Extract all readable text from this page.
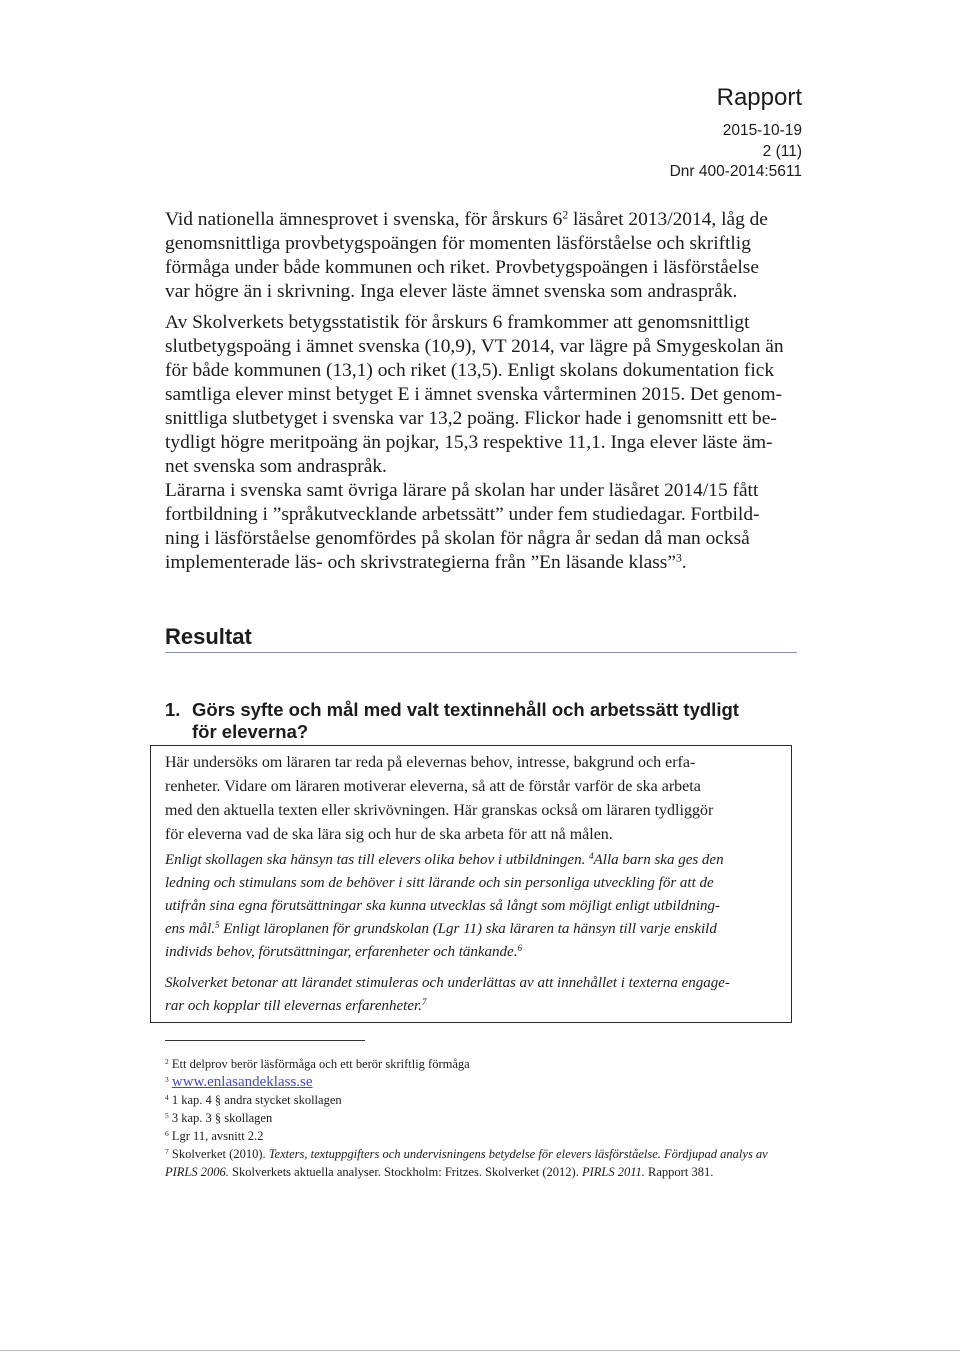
Rapport
2015-10-19
2 (11)
Dnr 400-2014:5611
Vid nationella ämnesprovet i svenska, för årskurs $6^2$ läsåret 2013/2014, låg de
genomsnittliga provbetygspoängen för momenten läsförståelse och skriftlig
förmåga under både kommunen och riket. Provbetygspoängen i läsförståelse
var högre än i skrivning. Inga elever läste ämnet svenska som andraspråk.
Av Skolverkets betygsstatistik för årskurs 6 framkommer att genomsnittligt
slutbetygspoäng i ämnet svenska (10,9), VT 2014, var lägre på Smygeskolan än
för både kommunen (13,1) och riket (13,5). Enligt skolans dokumentation fick
samtliga elever minst betyget E i ämnet svenska vårterminen 2015. Det genom-
snittliga slutbetyget i svenska var 13,2 poäng. Flickor hade i genomsnitt ett be-
tydligt högre meritpoäng än pojkar, 15,3 respektive 11,1. Inga elever läste äm-
net svenska som andraspråk.
Lärarna i svenska samt övriga lärare på skolan har under läsåret 2014/15 fått
fortbildning i ”språkutvecklande arbetssätt” under fem studiedagar. Fortbild-
ning i läsförståelse genomfördes på skolan för några år sedan då man också
implementerade läs- och skrivstrategierna från ”En läsande klass”$^3$.
Resultat
1. Görs syfte och mål med valt textinnehåll och arbetssätt tydligt
för eleverna?
Här undersöks om läraren tar reda på elevernas behov, intresse, bakgrund och erfa-
renheter. Vidare om läraren motiverar eleverna, så att de förstår varför de ska arbeta
med den aktuella texten eller skrivövningen. Här granskas också om läraren tydliggör
för eleverna vad de ska lära sig och hur de ska arbeta för att nå målen.
Enligt skollagen ska hänsyn tas till elevers olika behov i utbildningen. $^4$Alla barn ska ges den
ledning och stimulans som de behöver i sitt lärande och sin personliga utveckling för att de
utifrån sina egna förutsättningar ska kunna utvecklas så långt som möjligt enligt utbildning-
ens mål.$^5$ Enligt läroplanen för grundskolan (Lgr 11) ska läraren ta hänsyn till varje enskild
individs behov, förutsättningar, erfarenheter och tänkande.$^6$
Skolverket betonar att lärandet stimuleras och underlättas av att innehållet i texterna engage-
rar och kopplar till elevernas erfarenheter.$^7$
$^2$ Ett delprov berör läsförmåga och ett berör skriftlig förmåga
$^3$ www.enlasandeklass.se
$^4$ 1 kap. 4 § andra stycket skollagen
$^5$ 3 kap. 3 § skollagen
$^6$ Lgr 11, avsnitt 2.2
$^7$ Skolverket (2010). Texters, textuppgifters och undervisningens betydelse för elevers läsförståelse. Fördjupad analys av
PIRLS 2006. Skolverkets aktuella analyser. Stockholm: Fritzes. Skolverket (2012). PIRLS 2011. Rapport 381.
